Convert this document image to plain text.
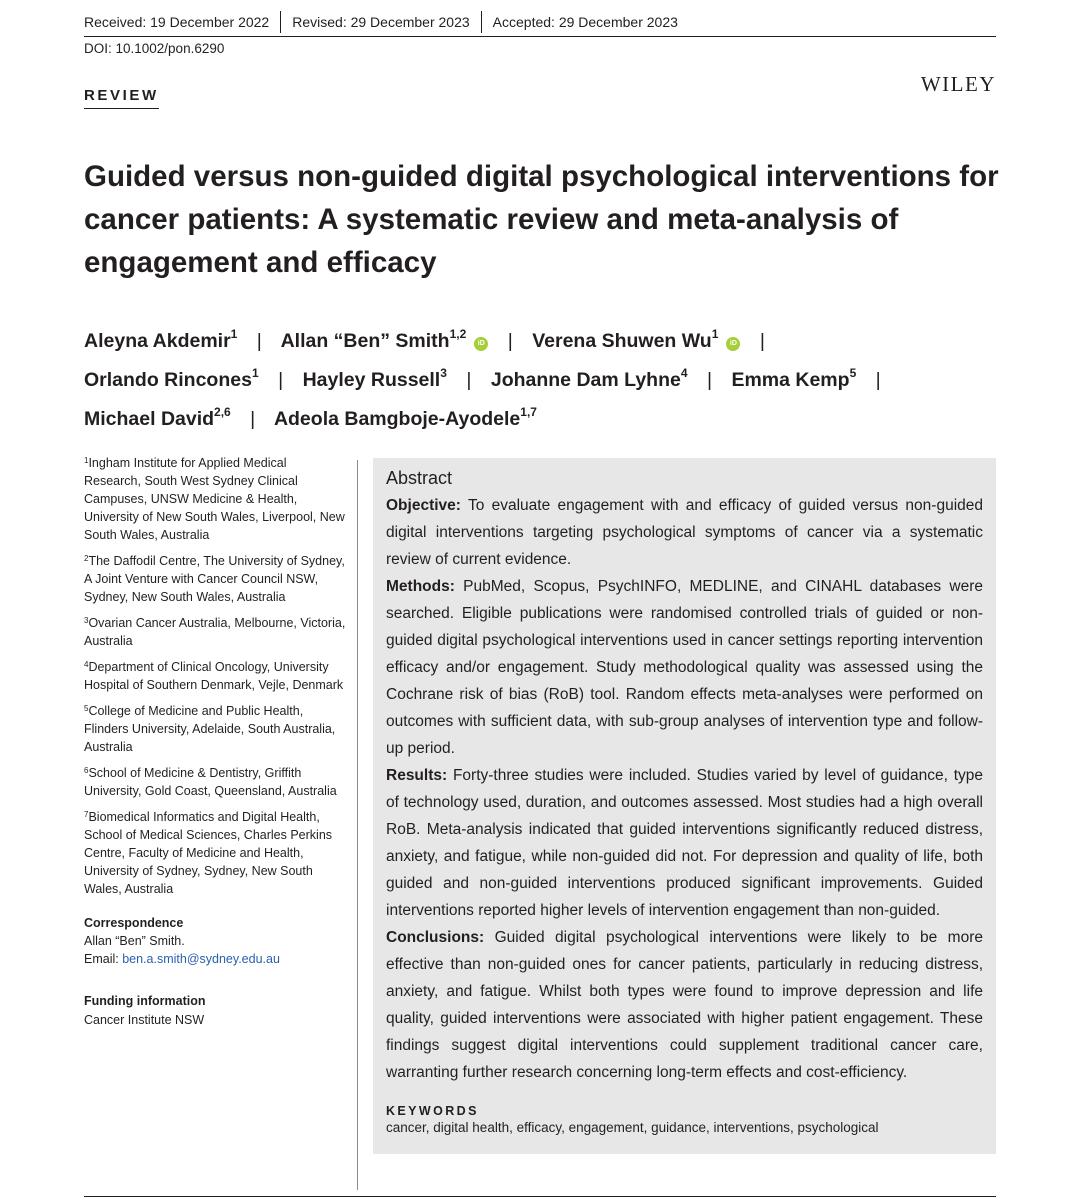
Received: 19 December 2022	Revised: 29 December 2023	Accepted: 29 December 2023
DOI: 10.1002/pon.6290
WILEY
REVIEW
Guided versus non-guided digital psychological interventions for cancer patients: A systematic review and meta-analysis of engagement and efficacy
Aleyna Akdemir$^1$ | Allan “Ben” Smith$^{1,2}$iD | Verena Shuwen Wu$^1$iD |
Orlando Rincones$^1$ | Hayley Russell$^3$ | Johanne Dam Lyhne$^4$ | Emma Kemp$^5$ |
Michael David$^{2,6}$ | Adeola Bamgboje-Ayodele$^{1,7}$

$^1$Ingham Institute for Applied Medical Research, South West Sydney Clinical Campuses, UNSW Medicine & Health, University of New South Wales, Liverpool, New South Wales, Australia

$^2$The Daffodil Centre, The University of Sydney, A Joint Venture with Cancer Council NSW, Sydney, New South Wales, Australia

$^3$Ovarian Cancer Australia, Melbourne, Victoria, Australia

$^4$Department of Clinical Oncology, University Hospital of Southern Denmark, Vejle, Denmark

$^5$College of Medicine and Public Health, Flinders University, Adelaide, South Australia, Australia

$^6$School of Medicine & Dentistry, Griffith University, Gold Coast, Queensland, Australia

$^7$Biomedical Informatics and Digital Health, School of Medical Sciences, Charles Perkins Centre, Faculty of Medicine and Health, University of Sydney, Sydney, New South Wales, Australia

Correspondence
Allan “Ben” Smith.
Email: ben.a.smith@sydney.edu.au
Funding information
Cancer Institute NSW
Abstract

Objective: To evaluate engagement with and efficacy of guided versus non-guided digital interventions targeting psychological symptoms of cancer via a systematic review of current evidence.

Methods: PubMed, Scopus, PsychINFO, MEDLINE, and CINAHL databases were searched. Eligible publications were randomised controlled trials of guided or non-guided digital psychological interventions used in cancer settings reporting intervention efficacy and/or engagement. Study methodological quality was assessed using the Cochrane risk of bias (RoB) tool. Random effects meta-analyses were performed on outcomes with sufficient data, with sub-group analyses of intervention type and follow-up period.

Results: Forty-three studies were included. Studies varied by level of guidance, type of technology used, duration, and outcomes assessed. Most studies had a high overall RoB. Meta-analysis indicated that guided interventions significantly reduced distress, anxiety, and fatigue, while non-guided did not. For depression and quality of life, both guided and non-guided interventions produced significant improvements. Guided interventions reported higher levels of intervention engagement than non-guided.

Conclusions: Guided digital psychological interventions were likely to be more effective than non-guided ones for cancer patients, particularly in reducing distress, anxiety, and fatigue. Whilst both types were found to improve depression and life quality, guided interventions were associated with higher patient engagement. These findings suggest digital interventions could supplement traditional cancer care, warranting further research concerning long-term effects and cost-efficiency.

KEYWORDS
cancer, digital health, efficacy, engagement, guidance, interventions, psychological
